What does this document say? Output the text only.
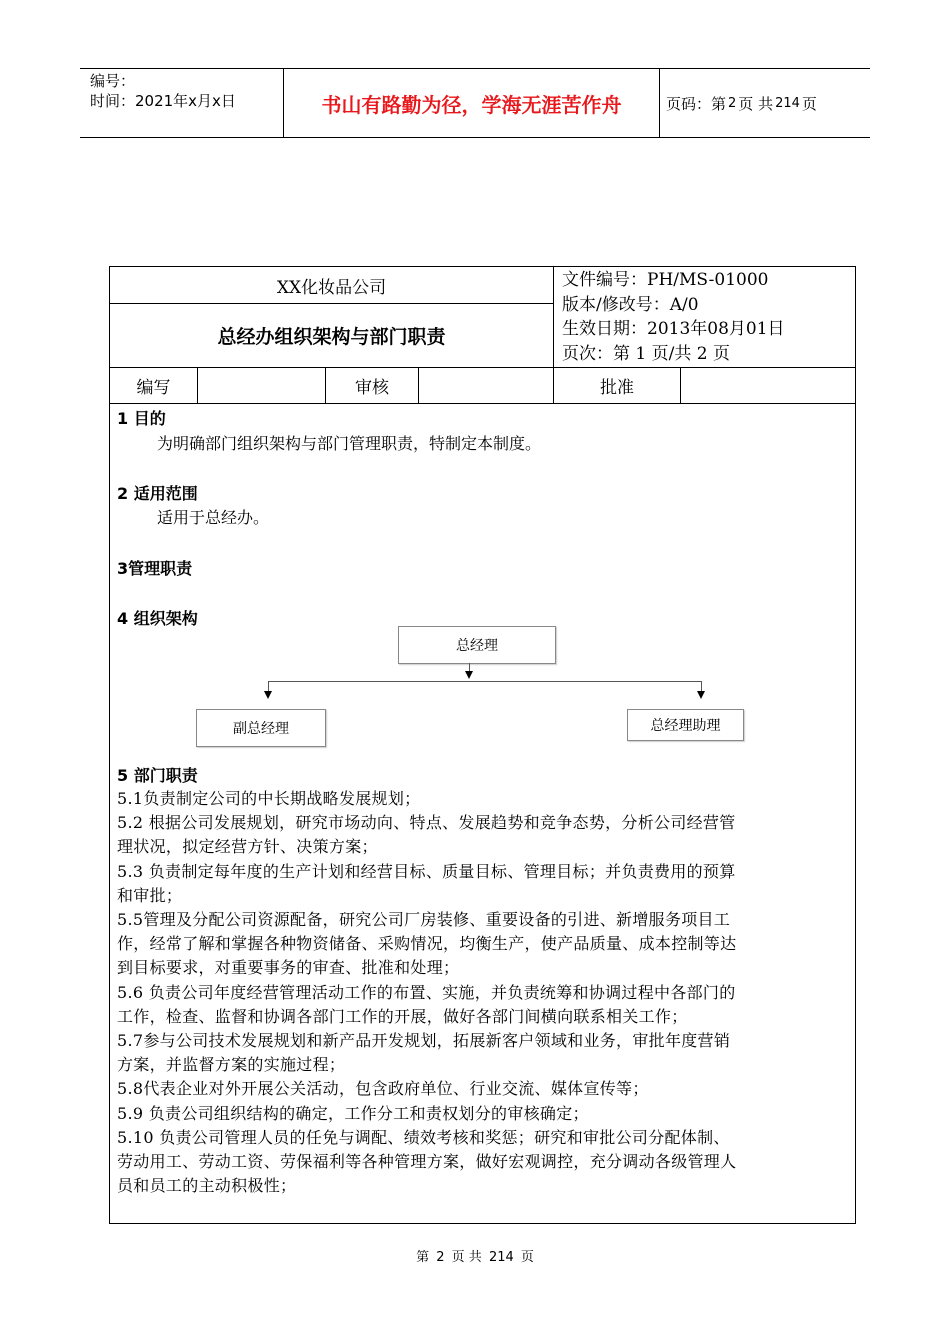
编号：
时间：2021年x月x日	书山有路勤为径，学海无涯苦作舟	页码：第 2 页 共 214 页
XX化妆品公司
总经办组织架构与部门职责
文件编号：PH/MS-01000
版本/修改号：A/0
生效日期：2013年08月01日
页次：第 1 页/共 2 页
编写	审核	批准
1 目的
为明确部门组织架构与部门管理职责，特制定本制度。
2 适用范围
适用于总经办。
3管理职责
4 组织架构
总经理
副总经理	总经理助理
5 部门职责
5.1负责制定公司的中长期战略发展规划；
5.2 根据公司发展规划，研究市场动向、特点、发展趋势和竞争态势，分析公司经营管
理状况，拟定经营方针、决策方案；
5.3 负责制定每年度的生产计划和经营目标、质量目标、管理目标；并负责费用的预算
和审批；
5.5管理及分配公司资源配备，研究公司厂房装修、重要设备的引进、新增服务项目工
作，经常了解和掌握各种物资储备、采购情况，均衡生产，使产品质量、成本控制等达
到目标要求，对重要事务的审查、批准和处理；
5.6 负责公司年度经营管理活动工作的布置、实施，并负责统筹和协调过程中各部门的
工作，检查、监督和协调各部门工作的开展，做好各部门间横向联系相关工作；
5.7参与公司技术发展规划和新产品开发规划，拓展新客户领域和业务，审批年度营销
方案，并监督方案的实施过程；
5.8代表企业对外开展公关活动，包含政府单位、行业交流、媒体宣传等；
5.9 负责公司组织结构的确定，工作分工和责权划分的审核确定；
5.10 负责公司管理人员的任免与调配、绩效考核和奖惩；研究和审批公司分配体制、
劳动用工、劳动工资、劳保福利等各种管理方案，做好宏观调控，充分调动各级管理人
员和员工的主动积极性；
第 2 页 共 214 页
